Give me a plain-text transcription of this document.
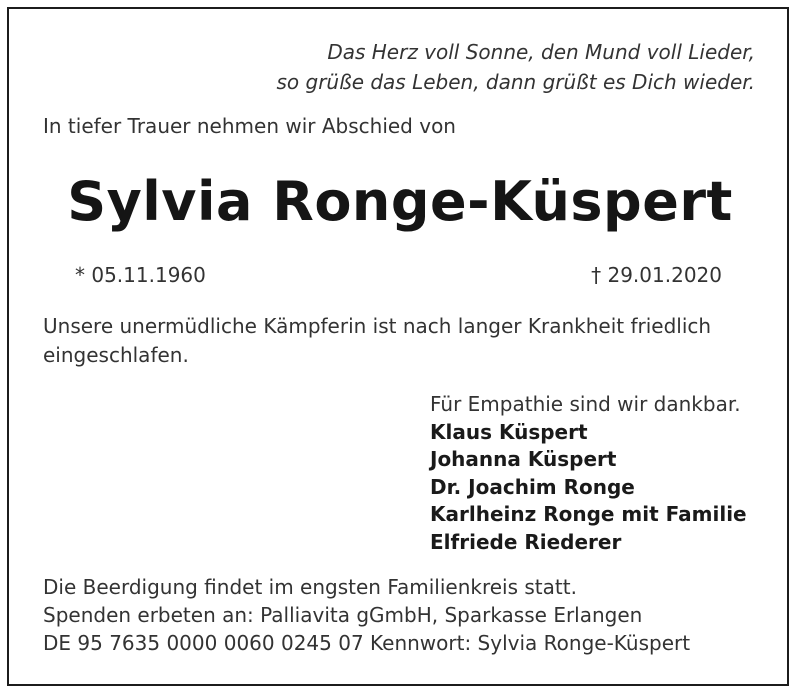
Das Herz voll Sonne, den Mund voll Lieder,
so grüße das Leben, dann grüßt es Dich wieder.
In tiefer Trauer nehmen wir Abschied von
Sylvia Ronge-Küspert
* 05.11.1960	† 29.01.2020
Unsere unermüdliche Kämpferin ist nach langer Krankheit friedlich
eingeschlafen.
Für Empathie sind wir dankbar.
Klaus Küspert
Johanna Küspert
Dr. Joachim Ronge
Karlheinz Ronge mit Familie
Elfriede Riederer
Die Beerdigung findet im engsten Familienkreis statt.
Spenden erbeten an: Palliavita gGmbH, Sparkasse Erlangen
DE 95 7635 0000 0060 0245 07 Kennwort: Sylvia Ronge-Küspert
